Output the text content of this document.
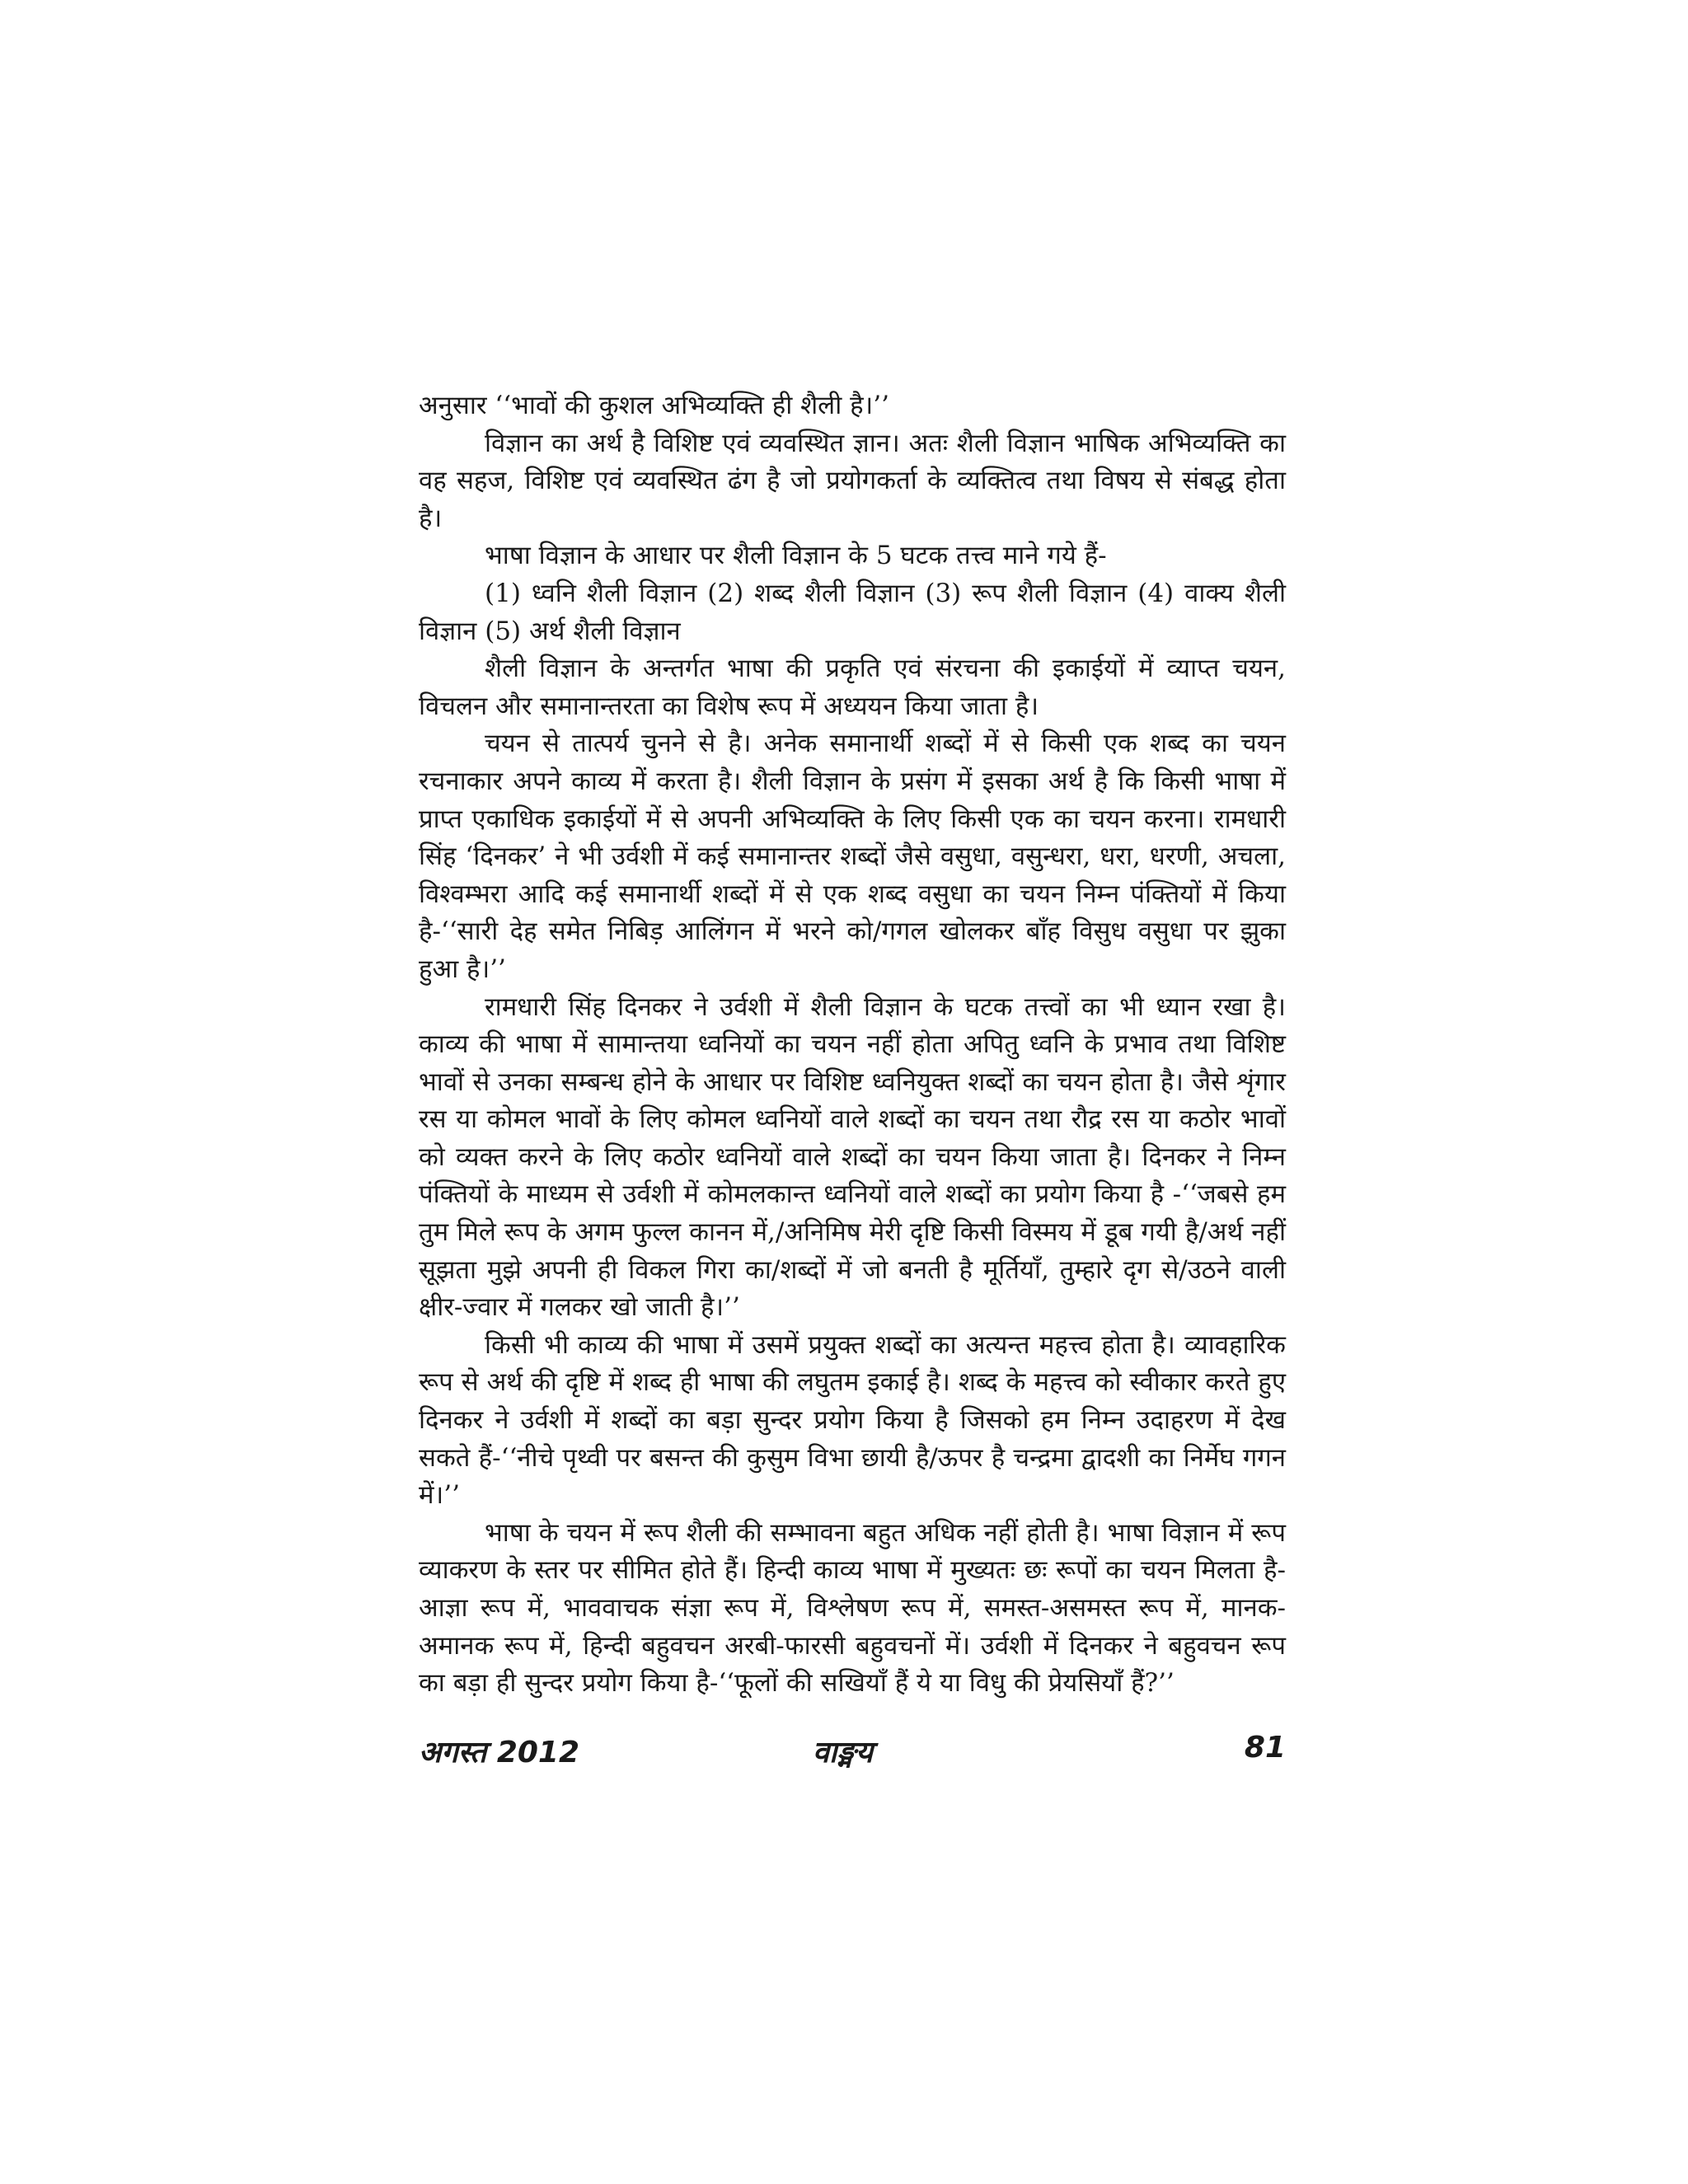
अनुसार ‘‘भावों की कुशल अभिव्यक्ति ही शैली है।’’

विज्ञान का अर्थ है विशिष्ट एवं व्यवस्थित ज्ञान। अतः शैली विज्ञान भाषिक अभिव्यक्ति का वह सहज, विशिष्ट एवं व्यवस्थित ढंग है जो प्रयोगकर्ता के व्यक्तित्व तथा विषय से संबद्ध होता है।

भाषा विज्ञान के आधार पर शैली विज्ञान के 5 घटक तत्त्व माने गये हैं-

(1) ध्वनि शैली विज्ञान (2) शब्द शैली विज्ञान (3) रूप शैली विज्ञान (4) वाक्य शैली विज्ञान (5) अर्थ शैली विज्ञान

शैली विज्ञान के अन्तर्गत भाषा की प्रकृति एवं संरचना की इकाईयों में व्याप्त चयन, विचलन और समानान्तरता का विशेष रूप में अध्ययन किया जाता है।

चयन से तात्पर्य चुनने से है। अनेक समानार्थी शब्दों में से किसी एक शब्द का चयन रचनाकार अपने काव्य में करता है। शैली विज्ञान के प्रसंग में इसका अर्थ है कि किसी भाषा में प्राप्त एकाधिक इकाईयों में से अपनी अभिव्यक्ति के लिए किसी एक का चयन करना। रामधारी सिंह ‘दिनकर’ ने भी उर्वशी में कई समानान्तर शब्दों जैसे वसुधा, वसुन्धरा, धरा, धरणी, अचला, विश्वम्भरा आदि कई समानार्थी शब्दों में से एक शब्द वसुधा का चयन निम्न पंक्तियों में किया है-‘‘सारी देह समेत निबिड़ आलिंगन में भरने को/गगल खोलकर बाँह विसुध वसुधा पर झुका हुआ है।’’

रामधारी सिंह दिनकर ने उर्वशी में शैली विज्ञान के घटक तत्त्वों का भी ध्यान रखा है। काव्य की भाषा में सामान्तया ध्वनियों का चयन नहीं होता अपितु ध्वनि के प्रभाव तथा विशिष्ट भावों से उनका सम्बन्ध होने के आधार पर विशिष्ट ध्वनियुक्त शब्दों का चयन होता है। जैसे शृंगार रस या कोमल भावों के लिए कोमल ध्वनियों वाले शब्दों का चयन तथा रौद्र रस या कठोर भावों को व्यक्त करने के लिए कठोर ध्वनियों वाले शब्दों का चयन किया जाता है। दिनकर ने निम्न पंक्तियों के माध्यम से उर्वशी में कोमलकान्त ध्वनियों वाले शब्दों का प्रयोग किया है -‘‘जबसे हम तुम मिले रूप के अगम फुल्ल कानन में,/अनिमिष मेरी दृष्टि किसी विस्मय में डूब गयी है/अर्थ नहीं सूझता मुझे अपनी ही विकल गिरा का/शब्दों में जो बनती है मूर्तियाँ, तुम्हारे दृग से/उठने वाली क्षीर-ज्वार में गलकर खो जाती है।’’

किसी भी काव्य की भाषा में उसमें प्रयुक्त शब्दों का अत्यन्त महत्त्व होता है। व्यावहारिक रूप से अर्थ की दृष्टि में शब्द ही भाषा की लघुतम इकाई है। शब्द के महत्त्व को स्वीकार करते हुए दिनकर ने उर्वशी में शब्दों का बड़ा सुन्दर प्रयोग किया है जिसको हम निम्न उदाहरण में देख सकते हैं-‘‘नीचे पृथ्वी पर बसन्त की कुसुम विभा छायी है/ऊपर है चन्द्रमा द्वादशी का निर्मेघ गगन में।’’

भाषा के चयन में रूप शैली की सम्भावना बहुत अधिक नहीं होती है। भाषा विज्ञान में रूप व्याकरण के स्तर पर सीमित होते हैं। हिन्दी काव्य भाषा में मुख्यतः छः रूपों का चयन मिलता है- आज्ञा रूप में, भाववाचक संज्ञा रूप में, विश्लेषण रूप में, समस्त-असमस्त रूप में, मानक-अमानक रूप में, हिन्दी बहुवचन अरबी-फारसी बहुवचनों में। उर्वशी में दिनकर ने बहुवचन रूप का बड़ा ही सुन्दर प्रयोग किया है-‘‘फूलों की सखियाँ हैं ये या विधु की प्रेयसियाँ हैं?’’

अगस्त 2012	वाङ्मय	81
